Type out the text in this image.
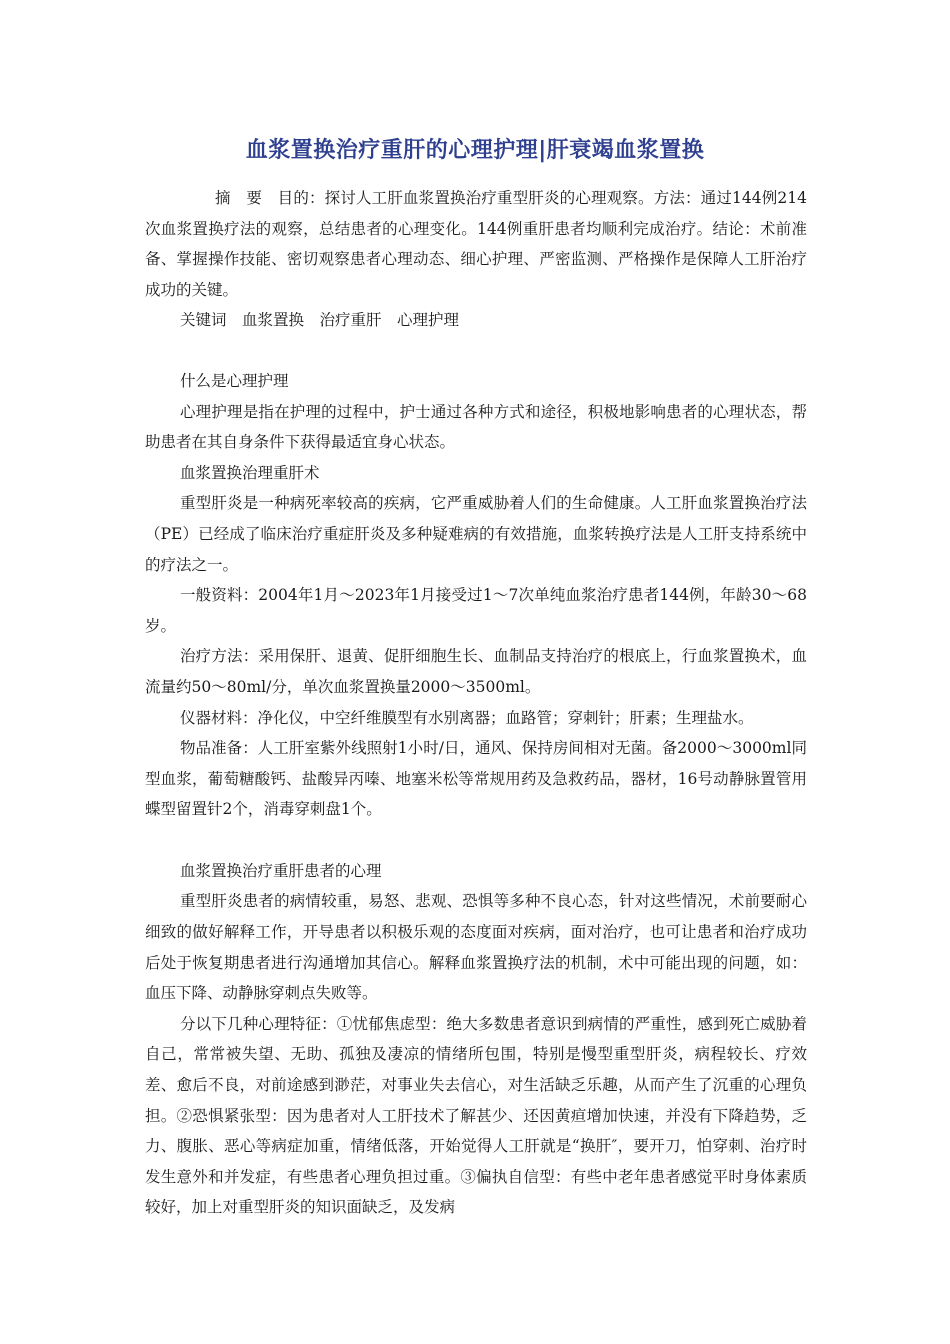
血浆置换治疗重肝的心理护理|肝衰竭血浆置换

摘　要　目的：探讨人工肝血浆置换治疗重型肝炎的心理观察。方法：通过144例214次血浆置换疗法的观察，总结患者的心理变化。144例重肝患者均顺利完成治疗。结论：术前准备、掌握操作技能、密切观察患者心理动态、细心护理、严密监测、严格操作是保障人工肝治疗成功的关键。

关键词　血浆置换　治疗重肝　心理护理

什么是心理护理

心理护理是指在护理的过程中，护士通过各种方式和途径，积极地影响患者的心理状态，帮助患者在其自身条件下获得最适宜身心状态。

血浆置换治理重肝术

重型肝炎是一种病死率较高的疾病，它严重威胁着人们的生命健康。人工肝血浆置换治疗法（PE）已经成了临床治疗重症肝炎及多种疑难病的有效措施，血浆转换疗法是人工肝支持系统中的疗法之一。

一般资料：2004年1月～2023年1月接受过1～7次单纯血浆治疗患者144例，年龄30～68岁。

治疗方法：采用保肝、退黄、促肝细胞生长、血制品支持治疗的根底上，行血浆置换术，血流量约50～80ml/分，单次血浆置换量2000～3500ml。

仪器材料：净化仪，中空纤维膜型有水别离器；血路管；穿刺针；肝素；生理盐水。

物品准备：人工肝室紫外线照射1小时/日，通风、保持房间相对无菌。备2000～3000ml同型血浆，葡萄糖酸钙、盐酸异丙嗪、地塞米松等常规用药及急救药品，器材，16号动静脉置管用蝶型留置针2个，消毒穿刺盘1个。

血浆置换治疗重肝患者的心理

重型肝炎患者的病情较重，易怒、悲观、恐惧等多种不良心态，针对这些情况，术前要耐心细致的做好解释工作，开导患者以积极乐观的态度面对疾病，面对治疗，也可让患者和治疗成功后处于恢复期患者进行沟通增加其信心。解释血浆置换疗法的机制，术中可能出现的问题，如：血压下降、动静脉穿刺点失败等。

分以下几种心理特征：①忧郁焦虑型：绝大多数患者意识到病情的严重性，感到死亡威胁着自己，常常被失望、无助、孤独及凄凉的情绪所包围，特别是慢型重型肝炎，病程较长、疗效差、愈后不良，对前途感到渺茫，对事业失去信心，对生活缺乏乐趣，从而产生了沉重的心理负担。②恐惧紧张型：因为患者对人工肝技术了解甚少、还因黄疸增加快速，并没有下降趋势，乏力、腹胀、恶心等病症加重，情绪低落，开始觉得人工肝就是“换肝″，要开刀，怕穿刺、治疗时发生意外和并发症，有些患者心理负担过重。③偏执自信型：有些中老年患者感觉平时身体素质较好，加上对重型肝炎的知识面缺乏，及发病
